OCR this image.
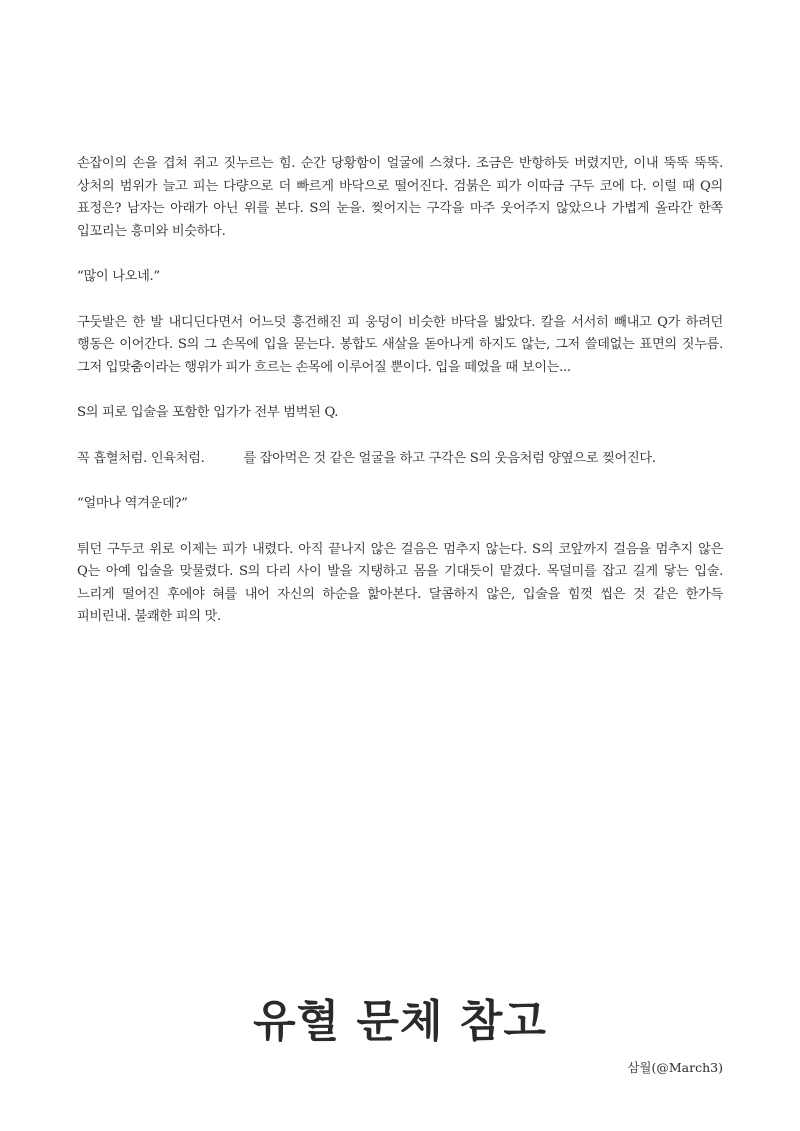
손잡이의 손을 겹쳐 쥐고 짓누르는 힘. 순간 당황함이 얼굴에 스쳤다. 조금은 반항하듯 버렸지만, 이내 뚝뚝 뚝뚝. 상처의 범위가 늘고 피는 다량으로 더 빠르게 바닥으로 떨어진다. 검붉은 피가 이따금 구두 코에 다. 이럴 때 Q의 표정은? 남자는 아래가 아닌 위를 본다. S의 눈을. 찢어지는 구각을 마주 웃어주지 않았으나 가볍게 올라간 한쪽 입꼬리는 흥미와 비슷하다.

“많이 나오네.”

구둣발은 한 발 내디딘다면서 어느덧 흥건해진 피 웅덩이 비슷한 바닥을 밟았다. 칼을 서서히 빼내고 Q가 하려던 행동은 이어간다. S의 그 손목에 입을 묻는다. 봉합도 새살을 돋아나게 하지도 않는, 그저 쓸데없는 표면의 짓누름. 그저 입맞춤이라는 행위가 피가 흐르는 손목에 이루어질 뿐이다. 입을 떼었을 때 보이는...

S의 피로 입술을 포함한 입가가 전부 범벅된 Q.

꼭 흡혈처럼. 인육처럼.          를 잡아먹은 것 같은 얼굴을 하고 구각은 S의 웃음처럼 양옆으로 찢어진다.

“얼마나 역겨운데?”

튀던 구두코 위로 이제는 피가 내렸다. 아직 끝나지 않은 걸음은 멈추지 않는다. S의 코앞까지 걸음을 멈추지 않은 Q는 아예 입술을 맞물렸다. S의 다리 사이 발을 지탱하고 몸을 기대듯이 맡겼다. 목덜미를 잡고 길게 닿는 입술. 느리게 떨어진 후에야 혀를 내어 자신의 하순을 핥아본다. 달콤하지 않은, 입술을 힘껏 씹은 것 같은 한가득 피비린내. 불쾌한 피의 맛.

유혈 문체 참고
삼월(@March3)
